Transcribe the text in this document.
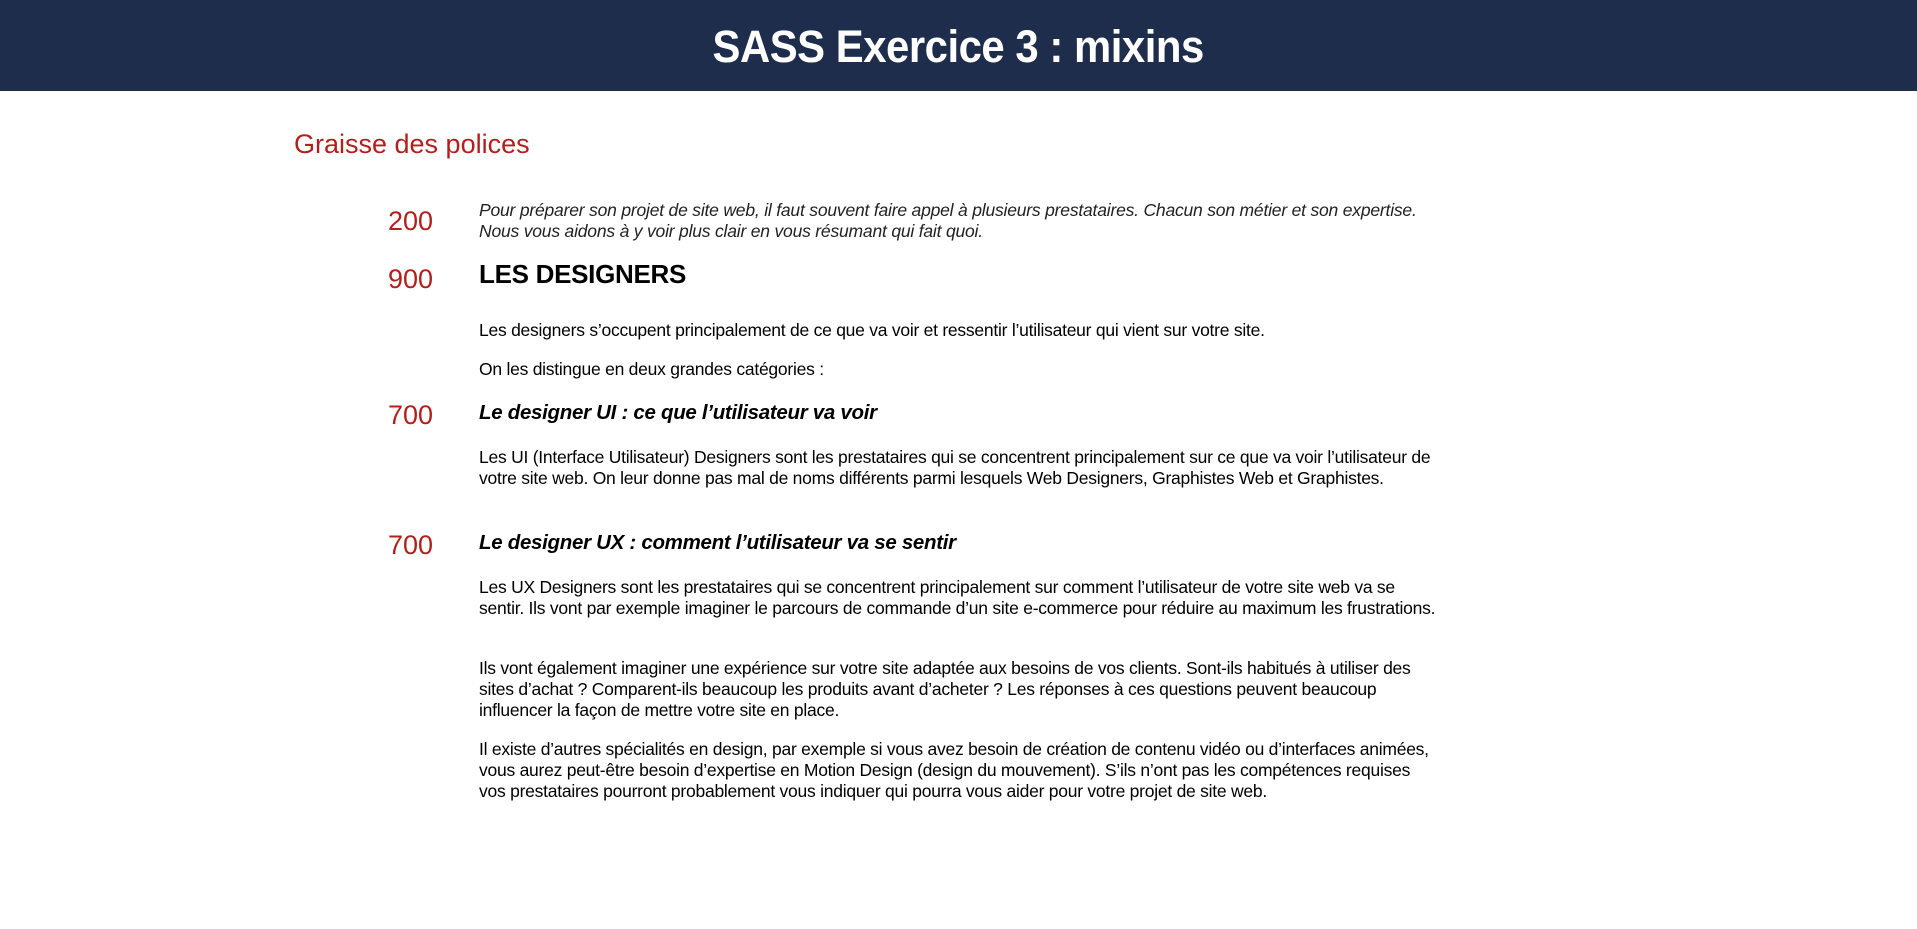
SASS Exercice 3 : mixins
Graisse des polices
200	Pour préparer son projet de site web, il faut souvent faire appel à plusieurs prestataires. Chacun son métier et son expertise. Nous vous aidons à y voir plus clair en vous résumant qui fait quoi.

900	LES DESIGNERS

Les designers s’occupent principalement de ce que va voir et ressentir l’utilisateur qui vient sur votre site.

On les distingue en deux grandes catégories :

700	Le designer UI : ce que l’utilisateur va voir

Les UI (Interface Utilisateur) Designers sont les prestataires qui se concentrent principalement sur ce que va voir l’utilisateur de votre site web. On leur donne pas mal de noms différents parmi lesquels Web Designers, Graphistes Web et Graphistes.

700	Le designer UX : comment l’utilisateur va se sentir

Les UX Designers sont les prestataires qui se concentrent principalement sur comment l’utilisateur de votre site web va se sentir. Ils vont par exemple imaginer le parcours de commande d’un site e-commerce pour réduire au maximum les frustrations.

Ils vont également imaginer une expérience sur votre site adaptée aux besoins de vos clients. Sont-ils habitués à utiliser des sites d’achat ? Comparent-ils beaucoup les produits avant d’acheter ? Les réponses à ces questions peuvent beaucoup influencer la façon de mettre votre site en place.

Il existe d’autres spécialités en design, par exemple si vous avez besoin de création de contenu vidéo ou d’interfaces animées, vous aurez peut-être besoin d’expertise en Motion Design (design du mouvement). S’ils n’ont pas les compétences requises vos prestataires pourront probablement vous indiquer qui pourra vous aider pour votre projet de site web.
